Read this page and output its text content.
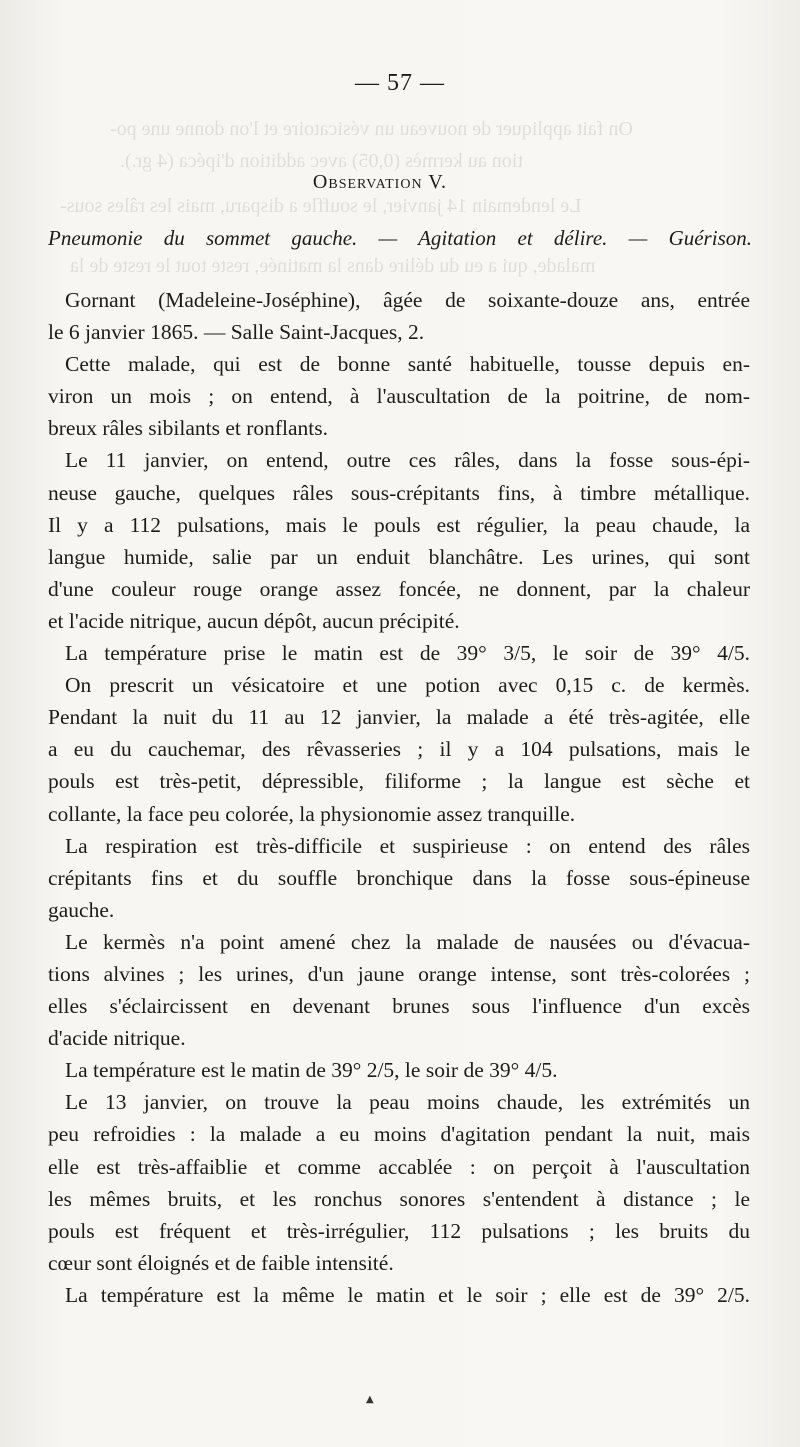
On fait appliquer de nouveau un vésicatoire et l'on donne une po-
tion au kermès (0,05) avec addition d'ipéca (4 gr.).
Le lendemain 14 janvier, le souffle a disparu, mais les râles sous-
malade, qui a eu du délire dans la matinée, reste tout le reste de la
— 57 —
Observation V.
Pneumonie du sommet gauche. — Agitation et délire. — Guérison.
Gornant (Madeleine-Joséphine), âgée de soixante-douze ans, entrée
le 6 janvier 1865. — Salle Saint-Jacques, 2.
Cette malade, qui est de bonne santé habituelle, tousse depuis en-
viron un mois ; on entend, à l'auscultation de la poitrine, de nom-
breux râles sibilants et ronflants.
Le 11 janvier, on entend, outre ces râles, dans la fosse sous-épi-
neuse gauche, quelques râles sous-crépitants fins, à timbre métallique.
Il y a 112 pulsations, mais le pouls est régulier, la peau chaude, la
langue humide, salie par un enduit blanchâtre. Les urines, qui sont
d'une couleur rouge orange assez foncée, ne donnent, par la chaleur
et l'acide nitrique, aucun dépôt, aucun précipité.
La température prise le matin est de 39° 3/5, le soir de 39° 4/5.
On prescrit un vésicatoire et une potion avec 0,15 c. de kermès.
Pendant la nuit du 11 au 12 janvier, la malade a été très-agitée, elle
a eu du cauchemar, des rêvasseries ; il y a 104 pulsations, mais le
pouls est très-petit, dépressible, filiforme ; la langue est sèche et
collante, la face peu colorée, la physionomie assez tranquille.
La respiration est très-difficile et suspirieuse : on entend des râles
crépitants fins et du souffle bronchique dans la fosse sous-épineuse
gauche.
Le kermès n'a point amené chez la malade de nausées ou d'évacua-
tions alvines ; les urines, d'un jaune orange intense, sont très-colorées ;
elles s'éclaircissent en devenant brunes sous l'influence d'un excès
d'acide nitrique.
La température est le matin de 39° 2/5, le soir de 39° 4/5.
Le 13 janvier, on trouve la peau moins chaude, les extrémités un
peu refroidies : la malade a eu moins d'agitation pendant la nuit, mais
elle est très-affaiblie et comme accablée : on perçoit à l'auscultation
les mêmes bruits, et les ronchus sonores s'entendent à distance ; le
pouls est fréquent et très-irrégulier, 112 pulsations ; les bruits du
cœur sont éloignés et de faible intensité.
La température est la même le matin et le soir ; elle est de 39° 2/5.
▲
